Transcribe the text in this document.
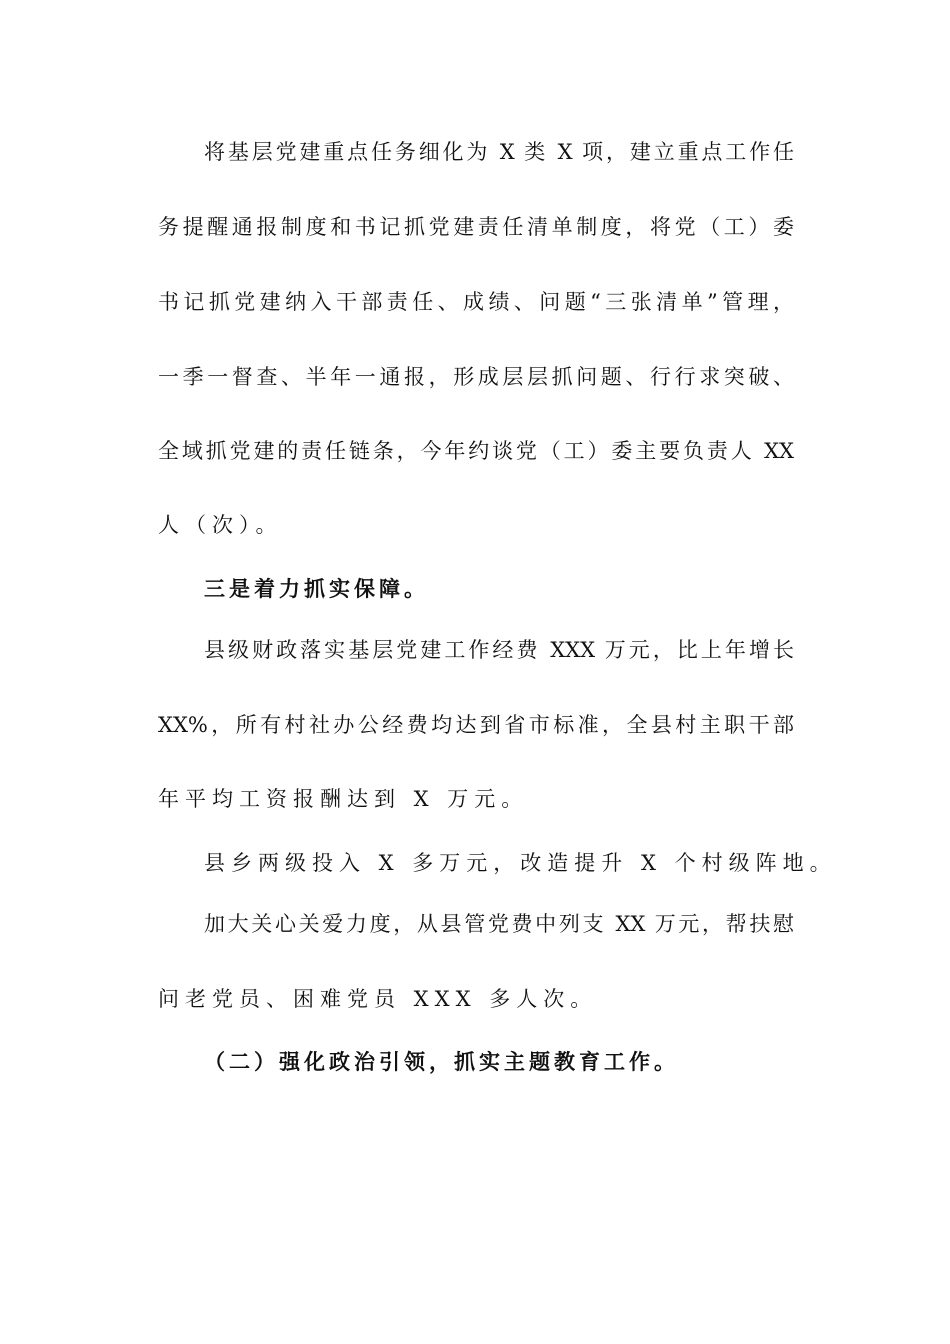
将基层党建重点任务细化为 X 类 X 项，建立重点工作任
务提醒通报制度和书记抓党建责任清单制度，将党（工）委
书记抓党建纳入干部责任、成绩、问题“三张清单”管理，
一季一督查、半年一通报，形成层层抓问题、行行求突破、
全域抓党建的责任链条，今年约谈党（工）委主要负责人 XX
人（次）。
三是着力抓实保障。
县级财政落实基层党建工作经费 XXX 万元，比上年增长
XX%，所有村社办公经费均达到省市标准，全县村主职干部
年平均工资报酬达到 X 万元。
县乡两级投入 X 多万元，改造提升 X 个村级阵地。
加大关心关爱力度，从县管党费中列支 XX 万元，帮扶慰
问老党员、困难党员 XXX 多人次。
（二）强化政治引领，抓实主题教育工作。
